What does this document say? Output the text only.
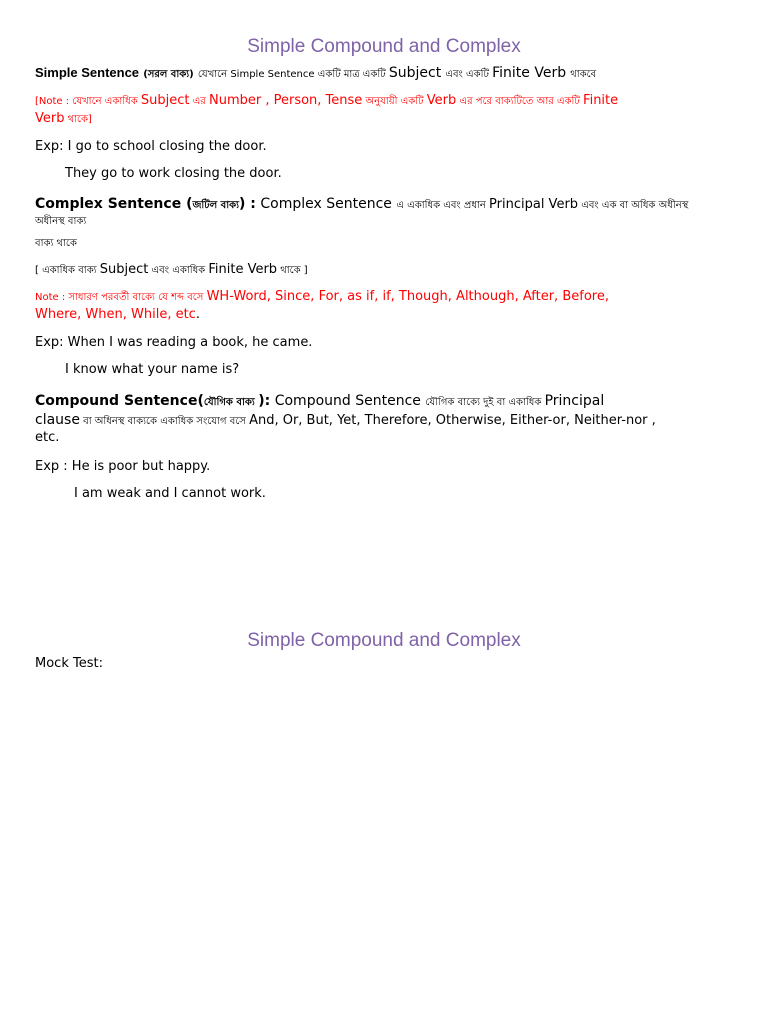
Simple Compound and Complex
Simple Sentence (সরল বাক্য) যেখানে Simple Sentence একটি মাত্র একটি Subject এবং একটি Finite Verb থাকবে
[Note : যেখানে একাধিক Subject এর Number , Person, Tense অনুযায়ী একটি Verb এর পরে বাক্যটিতে আর একটি Finite
Verb থাকে]
Exp: I go to school closing the door.
They go to work closing the door.
Complex Sentence (জটিল বাক্য) : Complex Sentence এ একাধিক এবং প্রধান Principal Verb এবং এক বা অধিক অধীনস্থ
অধীনস্থ বাক্য
বাক্য থাকে
[ একাধিক বাক্য Subject এবং একাধিক Finite Verb থাকে ]
Note : সাধারণ পরবর্তী বাক্যে যে শব্দ বসে WH-Word, Since, For, as if, if, Though, Although, After, Before,
Where, When, While, etc.
Exp: When I was reading a book, he came.
I know what your name is?
Compound Sentence(যৌগিক বাক্য ): Compound Sentence যৌগিক বাক্যে দুই বা একাধিক Principal
clause বা অধিনস্থ বাক্যকে একাধিক সংযোগ বসে And, Or, But, Yet, Therefore, Otherwise, Either-or, Neither-nor ,
etc.
Exp : He is poor but happy.
I am weak and I cannot work.
Simple Compound and Complex
Mock Test:
